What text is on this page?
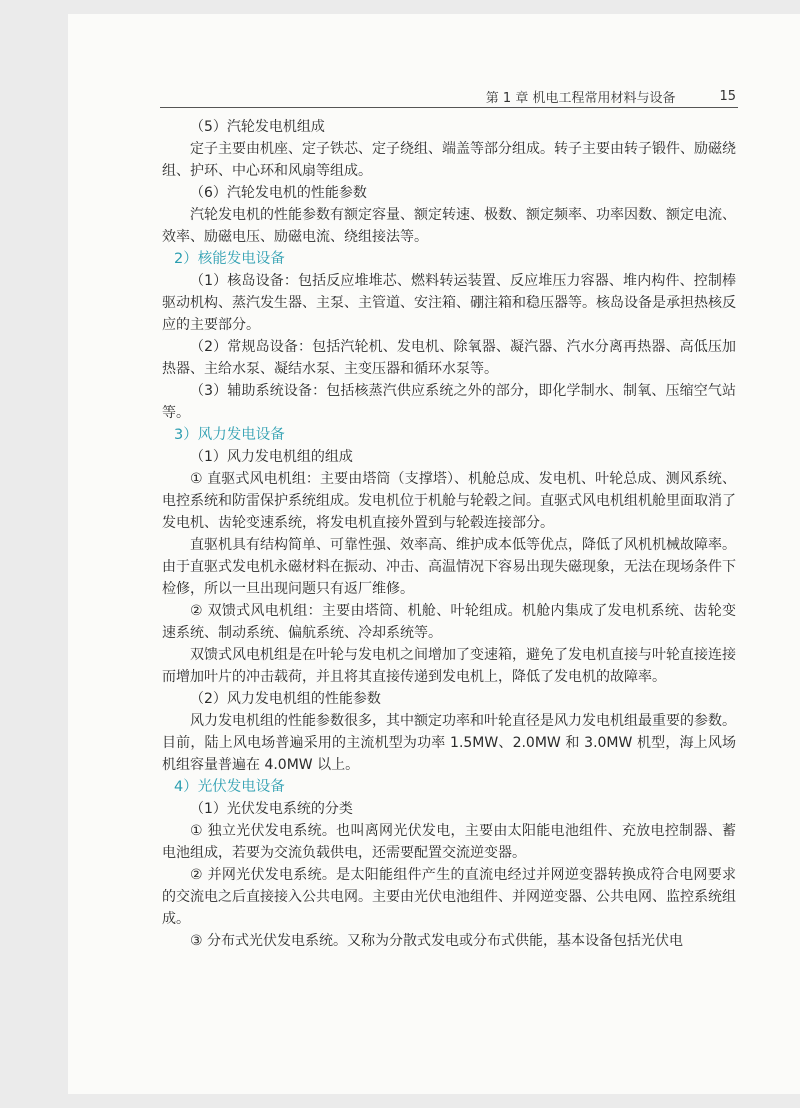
第 1 章 机电工程常用材料与设备	15

（5）汽轮发电机组成

定子主要由机座、定子铁芯、定子绕组、端盖等部分组成。转子主要由转子锻件、励磁绕组、护环、中心环和风扇等组成。

（6）汽轮发电机的性能参数

汽轮发电机的性能参数有额定容量、额定转速、极数、额定频率、功率因数、额定电流、效率、励磁电压、励磁电流、绕组接法等。

2）核能发电设备

（1）核岛设备：包括反应堆堆芯、燃料转运装置、反应堆压力容器、堆内构件、控制棒驱动机构、蒸汽发生器、主泵、主管道、安注箱、硼注箱和稳压器等。核岛设备是承担热核反应的主要部分。

（2）常规岛设备：包括汽轮机、发电机、除氧器、凝汽器、汽水分离再热器、高低压加热器、主给水泵、凝结水泵、主变压器和循环水泵等。

（3）辅助系统设备：包括核蒸汽供应系统之外的部分，即化学制水、制氧、压缩空气站等。

3）风力发电设备

（1）风力发电机组的组成

① 直驱式风电机组：主要由塔筒（支撑塔）、机舱总成、发电机、叶轮总成、测风系统、电控系统和防雷保护系统组成。发电机位于机舱与轮毂之间。直驱式风电机组机舱里面取消了发电机、齿轮变速系统，将发电机直接外置到与轮毂连接部分。

直驱机具有结构简单、可靠性强、效率高、维护成本低等优点，降低了风机机械故障率。由于直驱式发电机永磁材料在振动、冲击、高温情况下容易出现失磁现象，无法在现场条件下检修，所以一旦出现问题只有返厂维修。

② 双馈式风电机组：主要由塔筒、机舱、叶轮组成。机舱内集成了发电机系统、齿轮变速系统、制动系统、偏航系统、冷却系统等。

双馈式风电机组是在叶轮与发电机之间增加了变速箱，避免了发电机直接与叶轮直接连接而增加叶片的冲击载荷，并且将其直接传递到发电机上，降低了发电机的故障率。

（2）风力发电机组的性能参数

风力发电机组的性能参数很多，其中额定功率和叶轮直径是风力发电机组最重要的参数。目前，陆上风电场普遍采用的主流机型为功率 1.5MW、2.0MW 和 3.0MW 机型，海上风场机组容量普遍在 4.0MW 以上。

4）光伏发电设备

（1）光伏发电系统的分类

① 独立光伏发电系统。也叫离网光伏发电，主要由太阳能电池组件、充放电控制器、蓄电池组成，若要为交流负载供电，还需要配置交流逆变器。

② 并网光伏发电系统。是太阳能组件产生的直流电经过并网逆变器转换成符合电网要求的交流电之后直接接入公共电网。主要由光伏电池组件、并网逆变器、公共电网、监控系统组成。

③ 分布式光伏发电系统。又称为分散式发电或分布式供能，基本设备包括光伏电
